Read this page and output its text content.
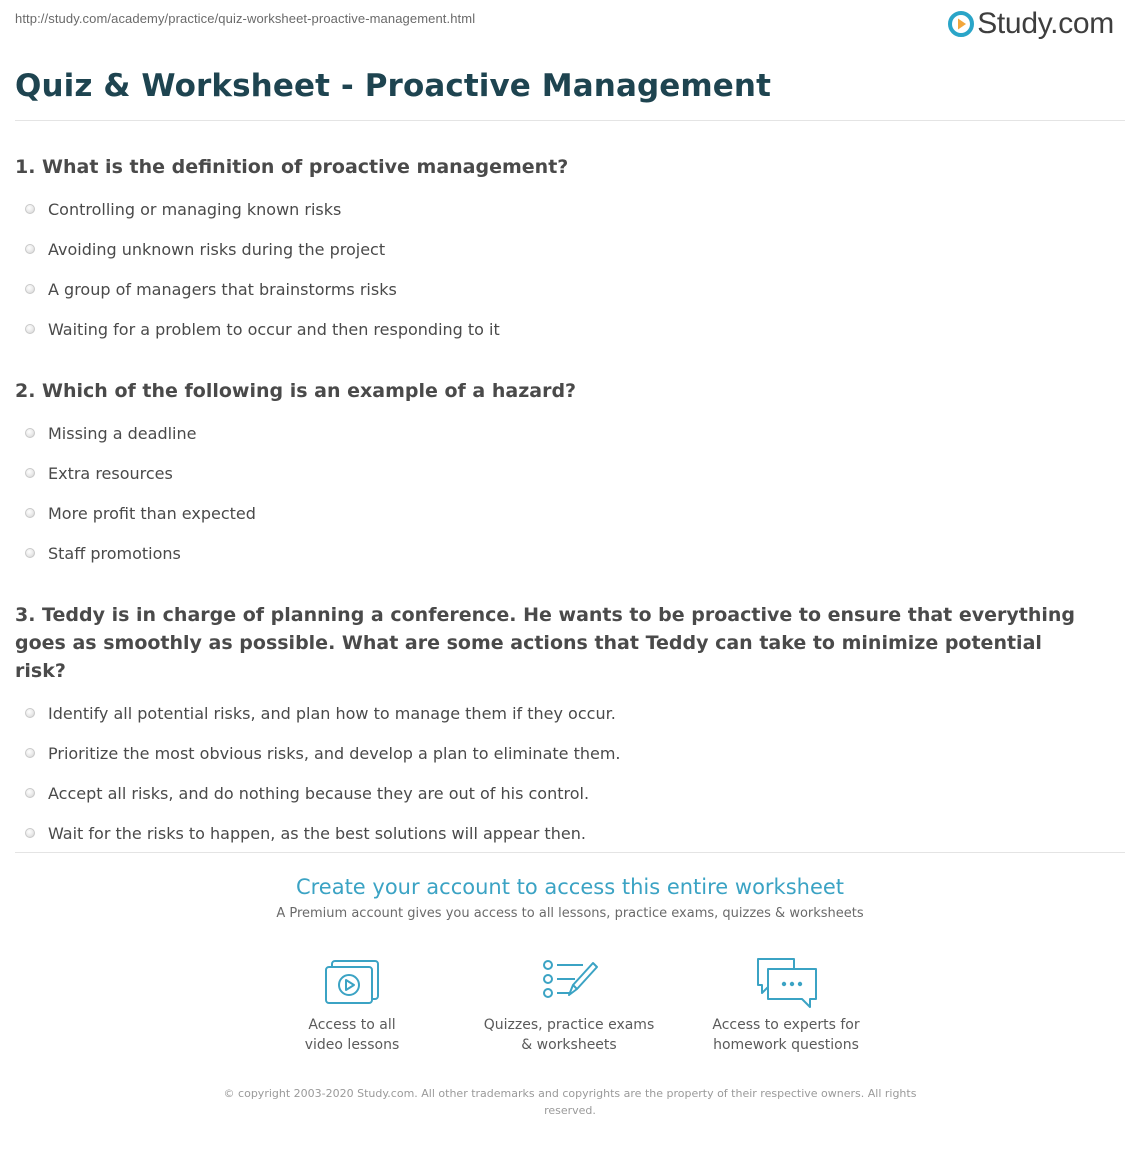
http://study.com/academy/practice/quiz-worksheet-proactive-management.html	Study.com
Quiz & Worksheet - Proactive Management

1. What is the definition of proactive management?

Controlling or managing known risks
Avoiding unknown risks during the project
A group of managers that brainstorms risks
Waiting for a problem to occur and then responding to it

2. Which of the following is an example of a hazard?

Missing a deadline
Extra resources
More profit than expected
Staff promotions

3. Teddy is in charge of planning a conference. He wants to be proactive to ensure that everything goes as smoothly as possible. What are some actions that Teddy can take to minimize potential risk?

Identify all potential risks, and plan how to manage them if they occur.
Prioritize the most obvious risks, and develop a plan to eliminate them.
Accept all risks, and do nothing because they are out of his control.
Wait for the risks to happen, as the best solutions will appear then.
Create your account to access this entire worksheet
A Premium account gives you access to all lessons, practice exams, quizzes & worksheets
Access to all
video lessons
Quizzes, practice exams
& worksheets
Access to experts for
homework questions
© copyright 2003-2020 Study.com. All other trademarks and copyrights are the property of their respective owners. All rights reserved.
